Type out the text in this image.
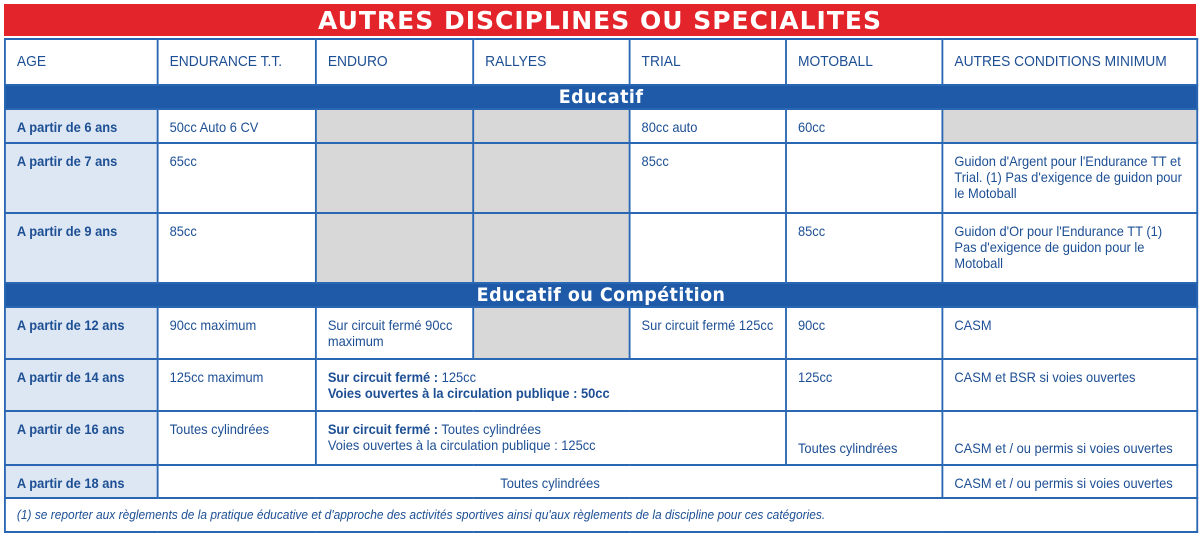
AUTRES DISCIPLINES OU SPECIALITES
AGE	ENDURANCE T.T.	ENDURO	RALLYES	TRIAL	MOTOBALL	AUTRES CONDITIONS MINIMUM
Educatif						
A partir de 6 ans	50cc Auto 6 CV			80cc auto	60cc	
A partir de 7 ans	65cc			85cc		Guidon d'Argent pour l'Endurance TT et Trial. (1) Pas d'exigence de guidon pour le Motoball
A partir de 9 ans	85cc				85cc	Guidon d'Or pour l'Endurance TT (1) Pas d'exigence de guidon pour le Motoball
Educatif ou Compétition						
A partir de 12 ans	90cc maximum	Sur circuit fermé 90cc maximum		Sur circuit fermé 125cc	90cc	CASM
A partir de 14 ans	125cc maximum	Sur circuit fermé : 125cc
Voies ouvertes à la circulation publique : 50cc			125cc	CASM et BSR si voies ouvertes
A partir de 16 ans	Toutes cylindrées	Sur circuit fermé : Toutes cylindrées
Voies ouvertes à la circulation publique : 125cc			Toutes cylindrées	CASM et / ou permis si voies ouvertes
A partir de 18 ans	Toutes cylindrées					CASM et / ou permis si voies ouvertes
(1) se reporter aux règlements de la pratique éducative et d'approche des activités sportives ainsi qu'aux règlements de la discipline pour ces catégories.						
